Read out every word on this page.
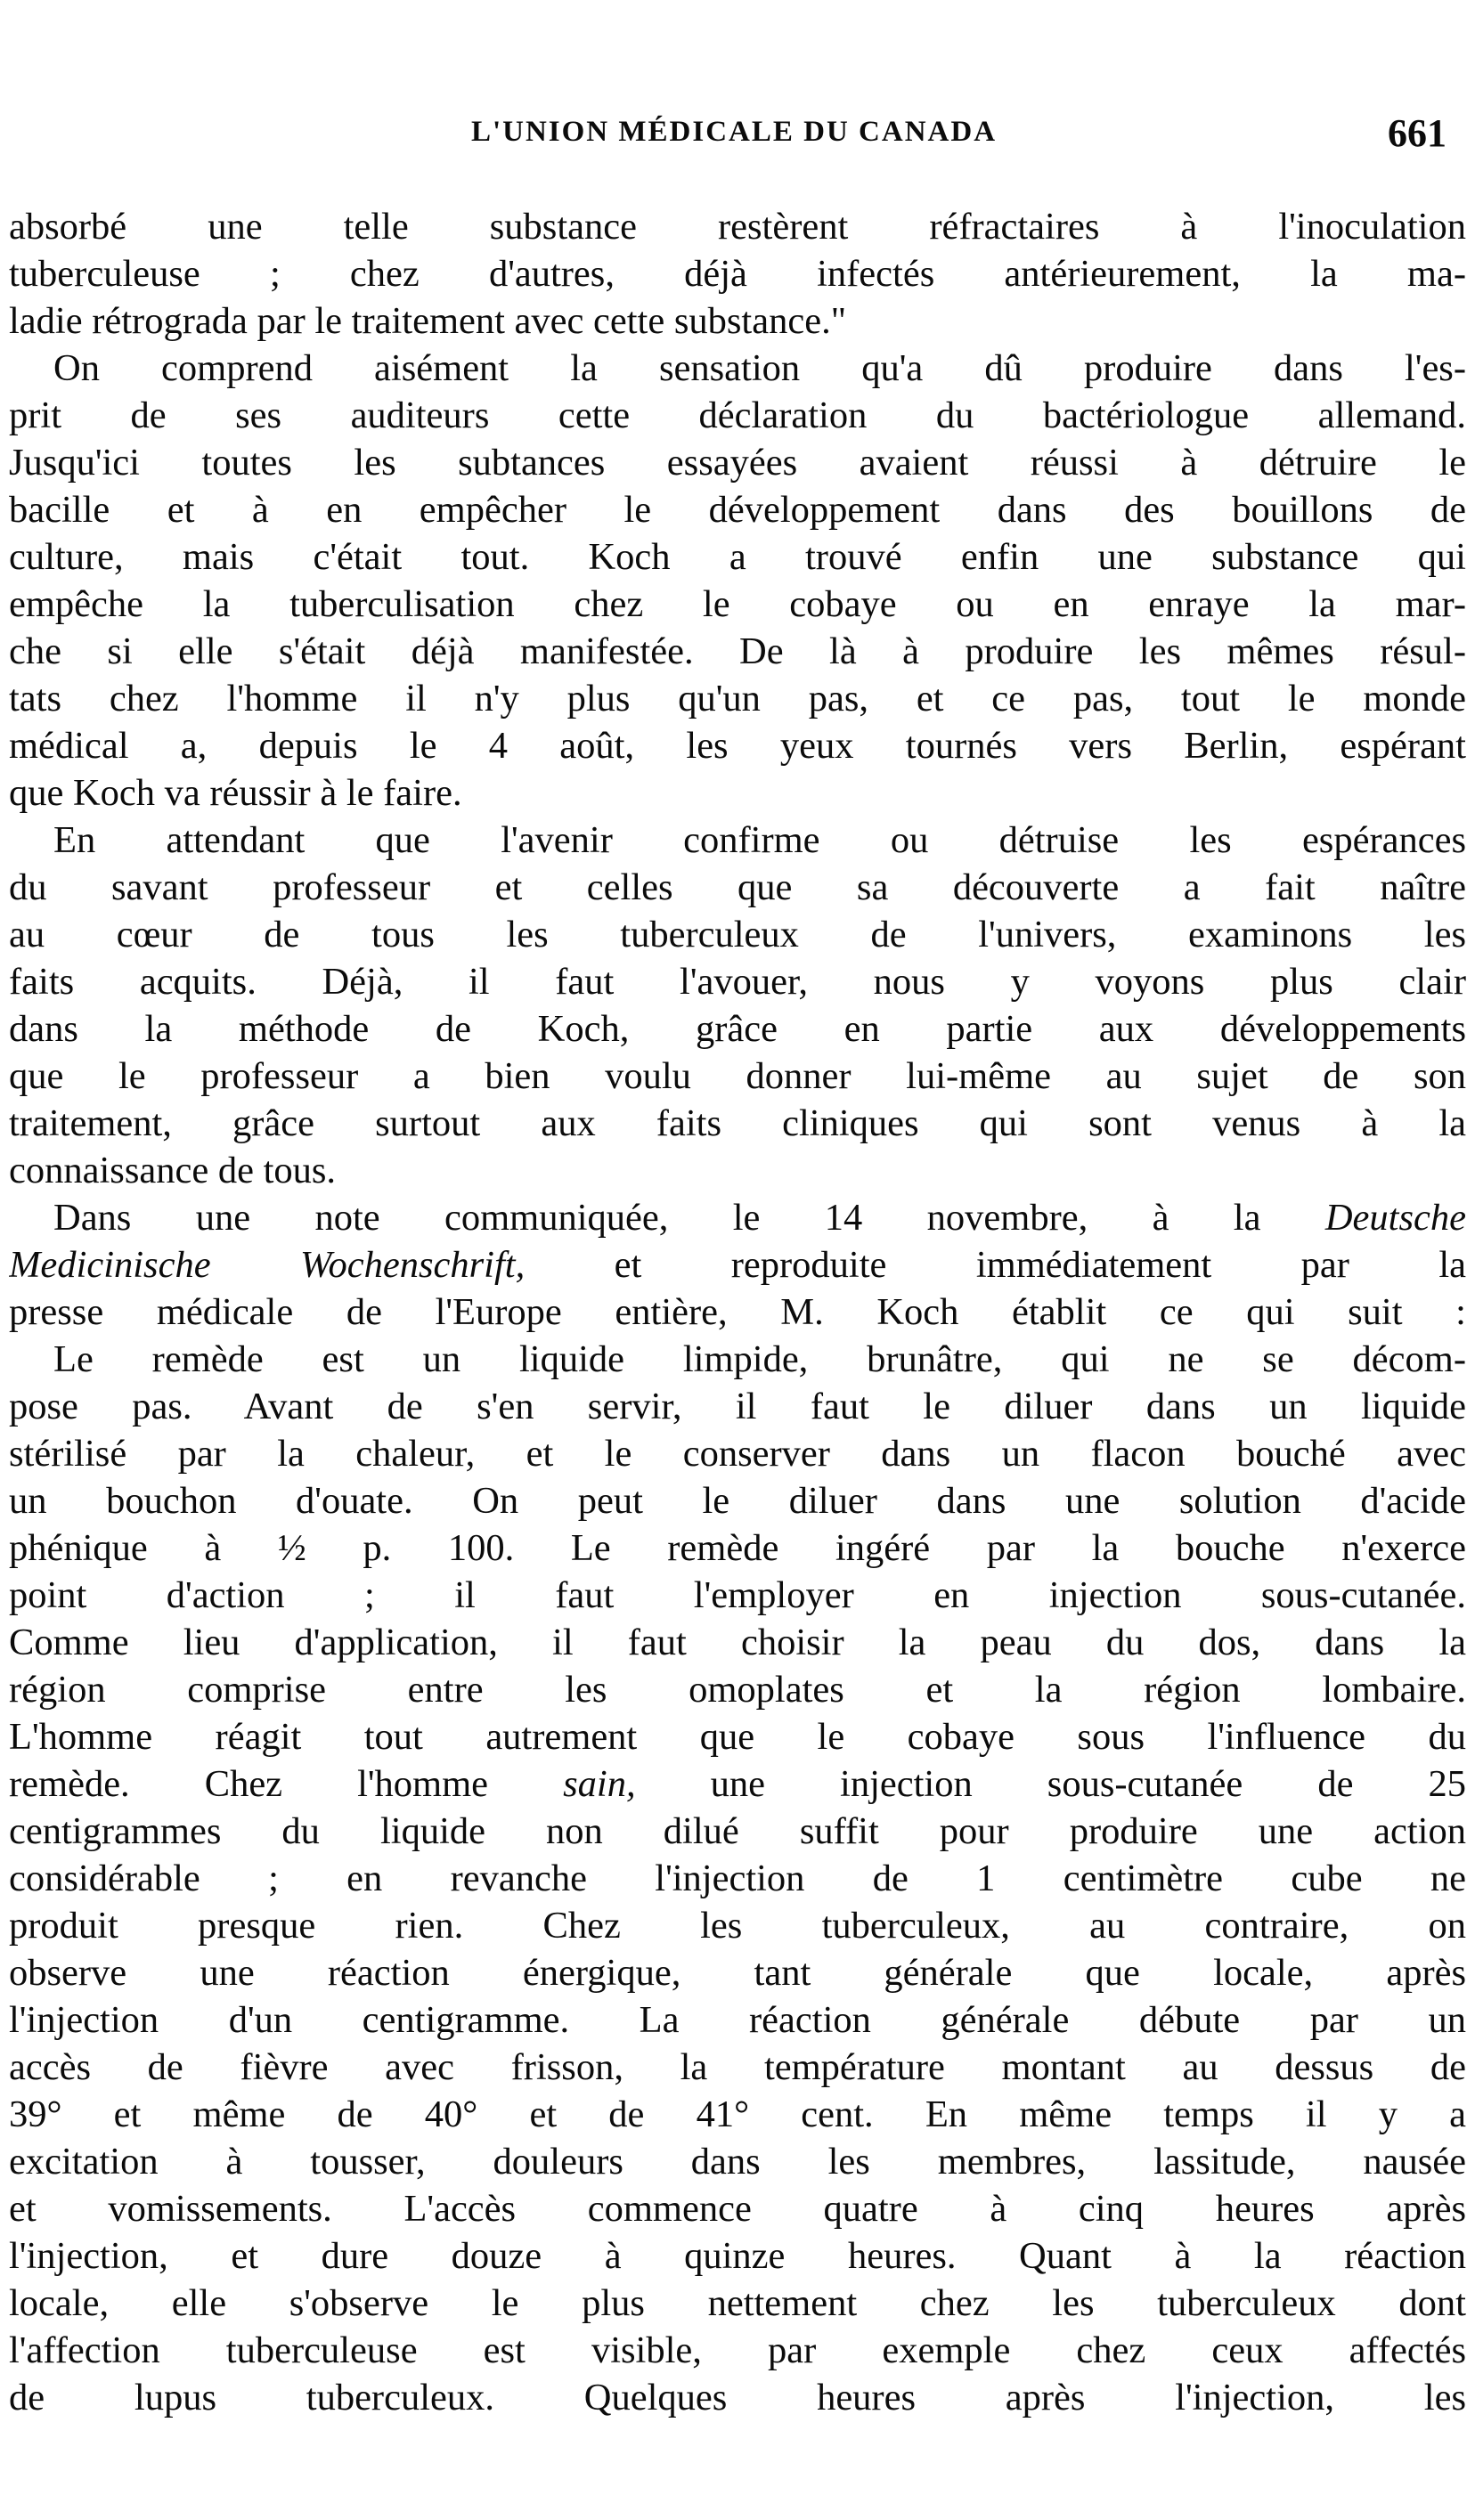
L'UNION MÉDICALE DU CANADA	661
absorbé une telle substance restèrent réfractaires à l'inoculation
tuberculeuse ; chez d'autres, déjà infectés antérieurement, la ma-
ladie rétrograda par le traitement avec cette substance."
On comprend aisément la sensation qu'a dû produire dans l'es-
prit de ses auditeurs cette déclaration du bactériologue allemand.
Jusqu'ici toutes les subtances essayées avaient réussi à détruire le
bacille et à en empêcher le développement dans des bouillons de
culture, mais c'était tout. Koch a trouvé enfin une substance qui
empêche la tuberculisation chez le cobaye ou en enraye la mar-
che si elle s'était déjà manifestée. De là à produire les mêmes résul-
tats chez l'homme il n'y plus qu'un pas, et ce pas, tout le monde
médical a, depuis le 4 août, les yeux tournés vers Berlin, espérant
que Koch va réussir à le faire.
En attendant que l'avenir confirme ou détruise les espérances
du savant professeur et celles que sa découverte a fait naître
au cœur de tous les tuberculeux de l'univers, examinons les
faits acquits. Déjà, il faut l'avouer, nous y voyons plus clair
dans la méthode de Koch, grâce en partie aux développements
que le professeur a bien voulu donner lui-même au sujet de son
traitement, grâce surtout aux faits cliniques qui sont venus à la
connaissance de tous.
Dans une note communiquée, le 14 novembre, à la Deutsche
Medicinische Wochenschrift, et reproduite immédiatement par la
presse médicale de l'Europe entière, M. Koch établit ce qui suit :
Le remède est un liquide limpide, brunâtre, qui ne se décom-
pose pas. Avant de s'en servir, il faut le diluer dans un liquide
stérilisé par la chaleur, et le conserver dans un flacon bouché avec
un bouchon d'ouate. On peut le diluer dans une solution d'acide
phénique à ½ p. 100. Le remède ingéré par la bouche n'exerce
point d'action ; il faut l'employer en injection sous-cutanée.
Comme lieu d'application, il faut choisir la peau du dos, dans la
région comprise entre les omoplates et la région lombaire.
L'homme réagit tout autrement que le cobaye sous l'influence du
remède. Chez l'homme sain, une injection sous-cutanée de 25
centigrammes du liquide non dilué suffit pour produire une action
considérable ; en revanche l'injection de 1 centimètre cube ne
produit presque rien. Chez les tuberculeux, au contraire, on
observe une réaction énergique, tant générale que locale, après
l'injection d'un centigramme. La réaction générale débute par un
accès de fièvre avec frisson, la température montant au dessus de
39° et même de 40° et de 41° cent. En même temps il y a
excitation à tousser, douleurs dans les membres, lassitude, nausée
et vomissements. L'accès commence quatre à cinq heures après
l'injection, et dure douze à quinze heures. Quant à la réaction
locale, elle s'observe le plus nettement chez les tuberculeux dont
l'affection tuberculeuse est visible, par exemple chez ceux affectés
de lupus tuberculeux. Quelques heures après l'injection, les
